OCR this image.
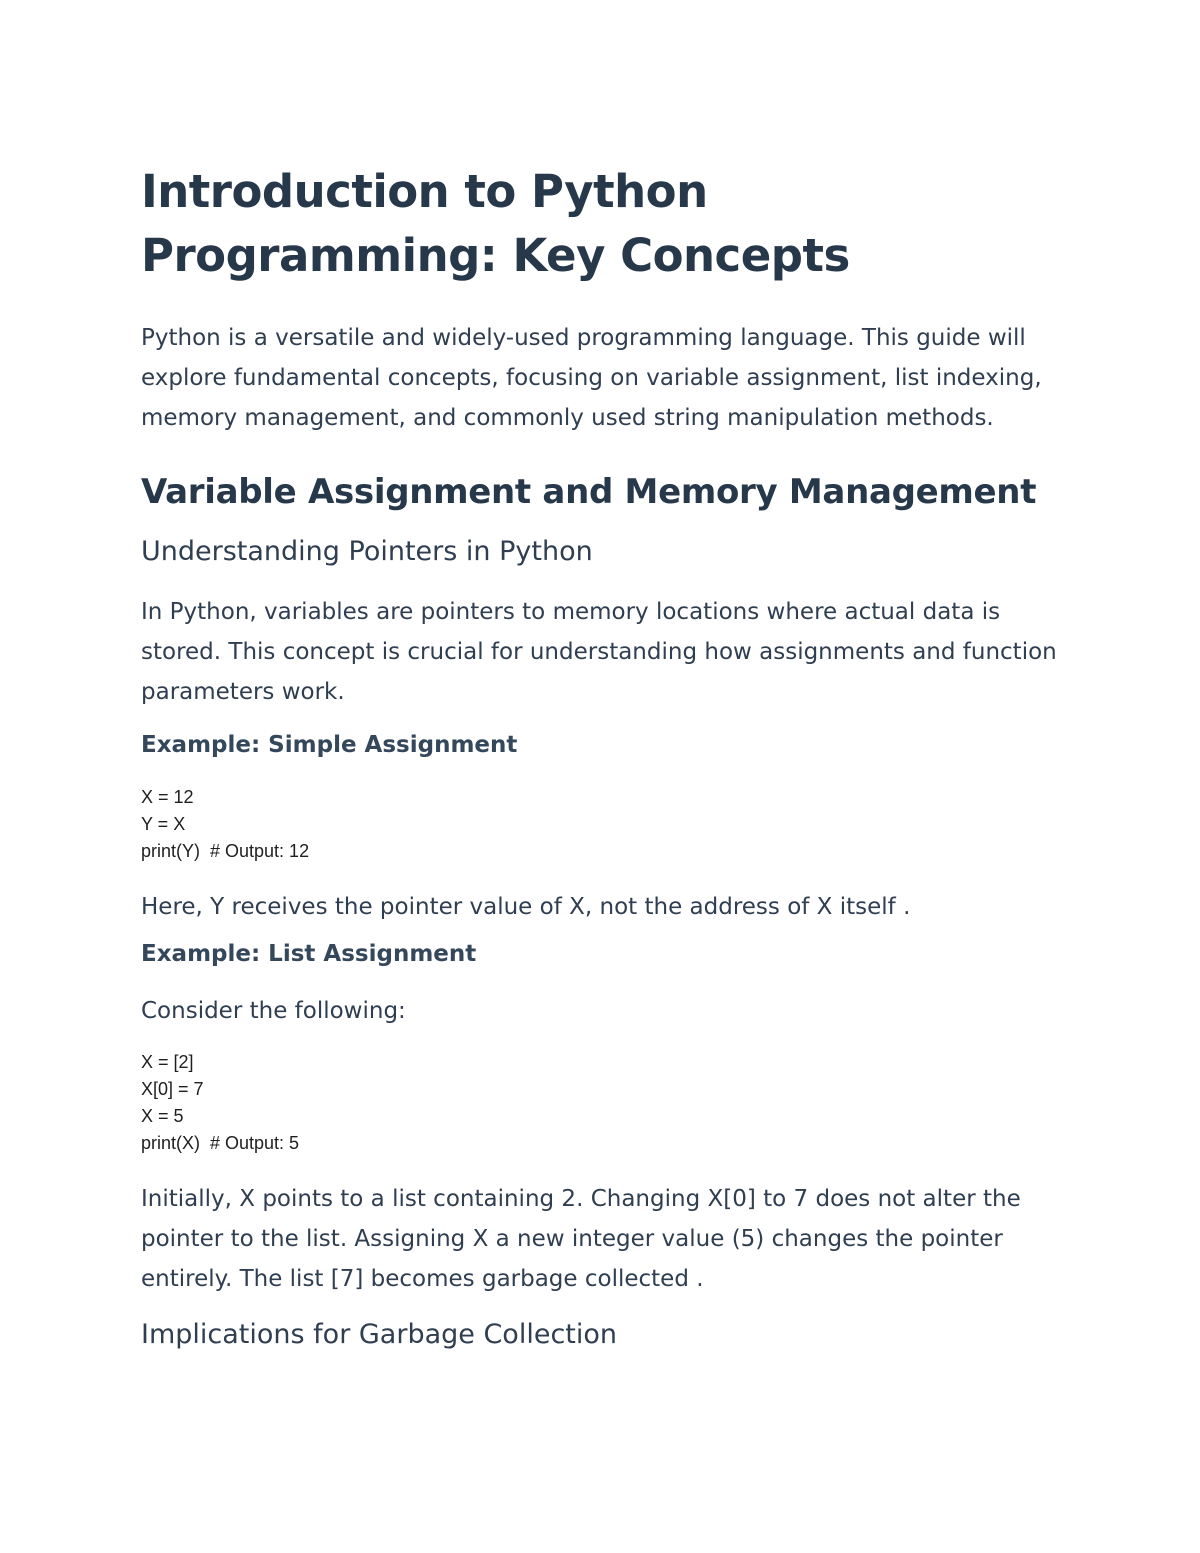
Introduction to Python Programming: Key Concepts

Python is a versatile and widely-used programming language. This guide will explore fundamental concepts, focusing on variable assignment, list indexing, memory management, and commonly used string manipulation methods.

Variable Assignment and Memory Management
Understanding Pointers in Python

In Python, variables are pointers to memory locations where actual data is stored. This concept is crucial for understanding how assignments and function parameters work.

Example: Simple Assignment
X = 12
Y = X
print(Y)  # Output: 12

Here, Y receives the pointer value of X, not the address of X itself .

Example: List Assignment

Consider the following:

X = [2]
X[0] = 7
X = 5
print(X)  # Output: 5

Initially, X points to a list containing 2. Changing X[0] to 7 does not alter the pointer to the list. Assigning X a new integer value (5) changes the pointer entirely. The list [7] becomes garbage collected .

Implications for Garbage Collection
